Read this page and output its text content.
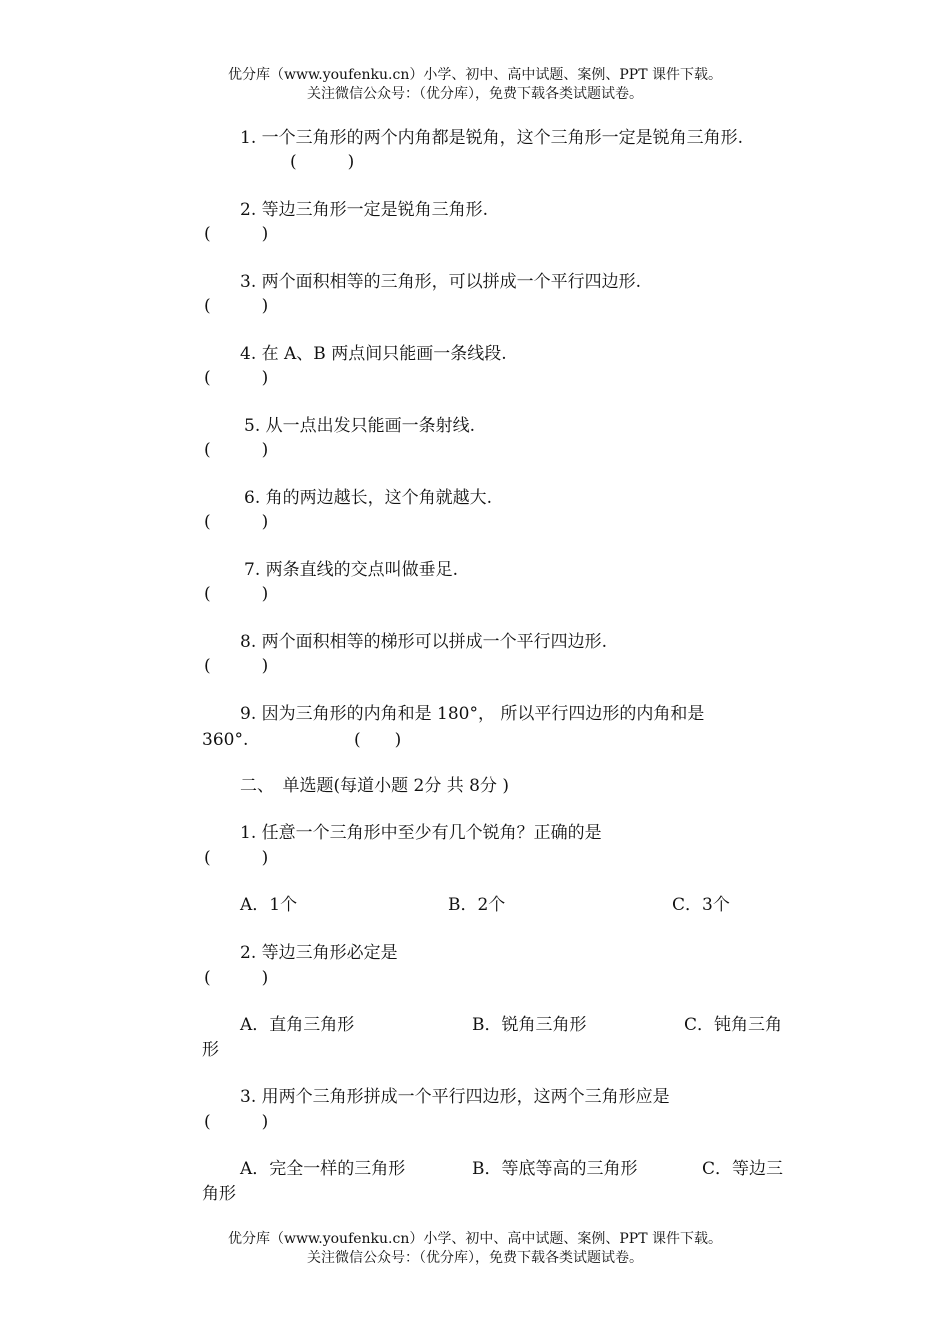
优分库（www.youfenku.cn）小学、初中、高中试题、案例、PPT 课件下载。
关注微信公众号：（优分库），免费下载各类试题试卷。
1. 一个三角形的两个内角都是锐角，这个三角形一定是锐角三角形.
(　　　)
2. 等边三角形一定是锐角三角形.
(　　　)
3. 两个面积相等的三角形，可以拼成一个平行四边形.
(　　　)
4. 在 A、B 两点间只能画一条线段.
(　　　)
5. 从一点出发只能画一条射线.
(　　　)
6. 角的两边越长，这个角就越大.
(　　　)
7. 两条直线的交点叫做垂足.
(　　　)
8. 两个面积相等的梯形可以拼成一个平行四边形.
(　　　)
9. 因为三角形的内角和是 180°， 所以平行四边形的内角和是
360°.	(　　)
二、　单选题(每道小题 2分 共 8分 )
1. 任意一个三角形中至少有几个锐角？正确的是
(　　　)
A．1个	B．2个	C．3个
2. 等边三角形必定是
(　　　)
A．直角三角形	B．锐角三角形	C．钝角三角
形
3. 用两个三角形拼成一个平行四边形，这两个三角形应是
(　　　)
A．完全一样的三角形	B．等底等高的三角形	C．等边三
角形
优分库（www.youfenku.cn）小学、初中、高中试题、案例、PPT 课件下载。
关注微信公众号：（优分库），免费下载各类试题试卷。
